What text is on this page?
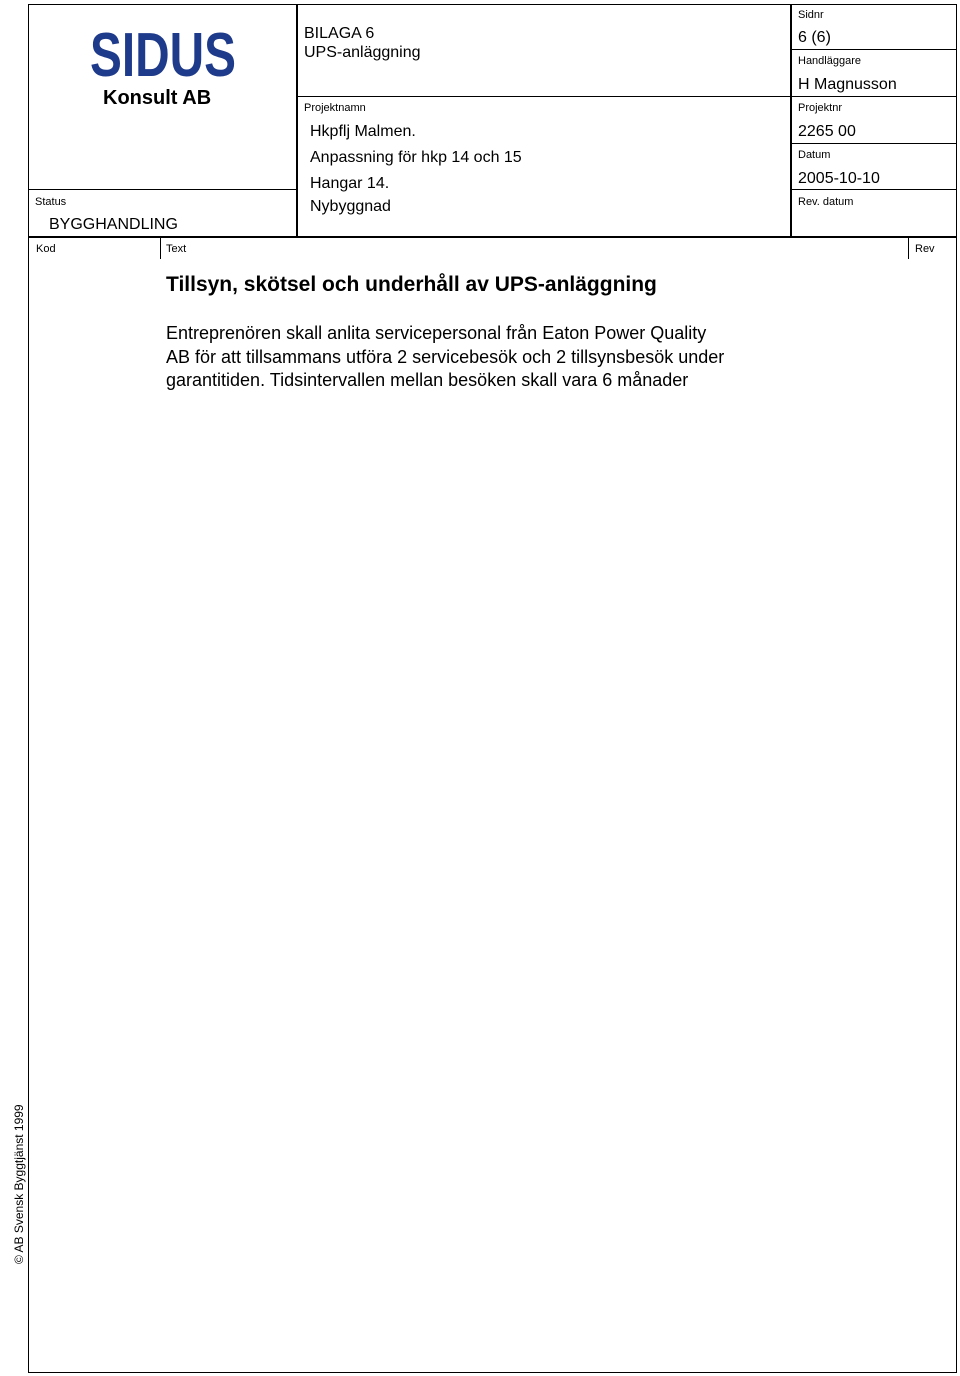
SIDUS
Konsult AB
Status
BYGGHANDLING
BILAGA 6
UPS-anläggning
Projektnamn
Hkpflj Malmen.
Anpassning för hkp 14 och 15
Hangar 14.
Nybyggnad
Sidnr
6 (6)
Handläggare
H Magnusson
Projektnr
2265 00
Datum
2005-10-10
Rev. datum
Kod	Text	Rev
Tillsyn, skötsel och underhåll av UPS-anläggning
Entreprenören skall anlita servicepersonal från Eaton Power Quality
AB för att tillsammans utföra 2 servicebesök och 2 tillsynsbesök under
garantitiden. Tidsintervallen mellan besöken skall vara 6 månader
© AB Svensk Byggtjänst 1999
